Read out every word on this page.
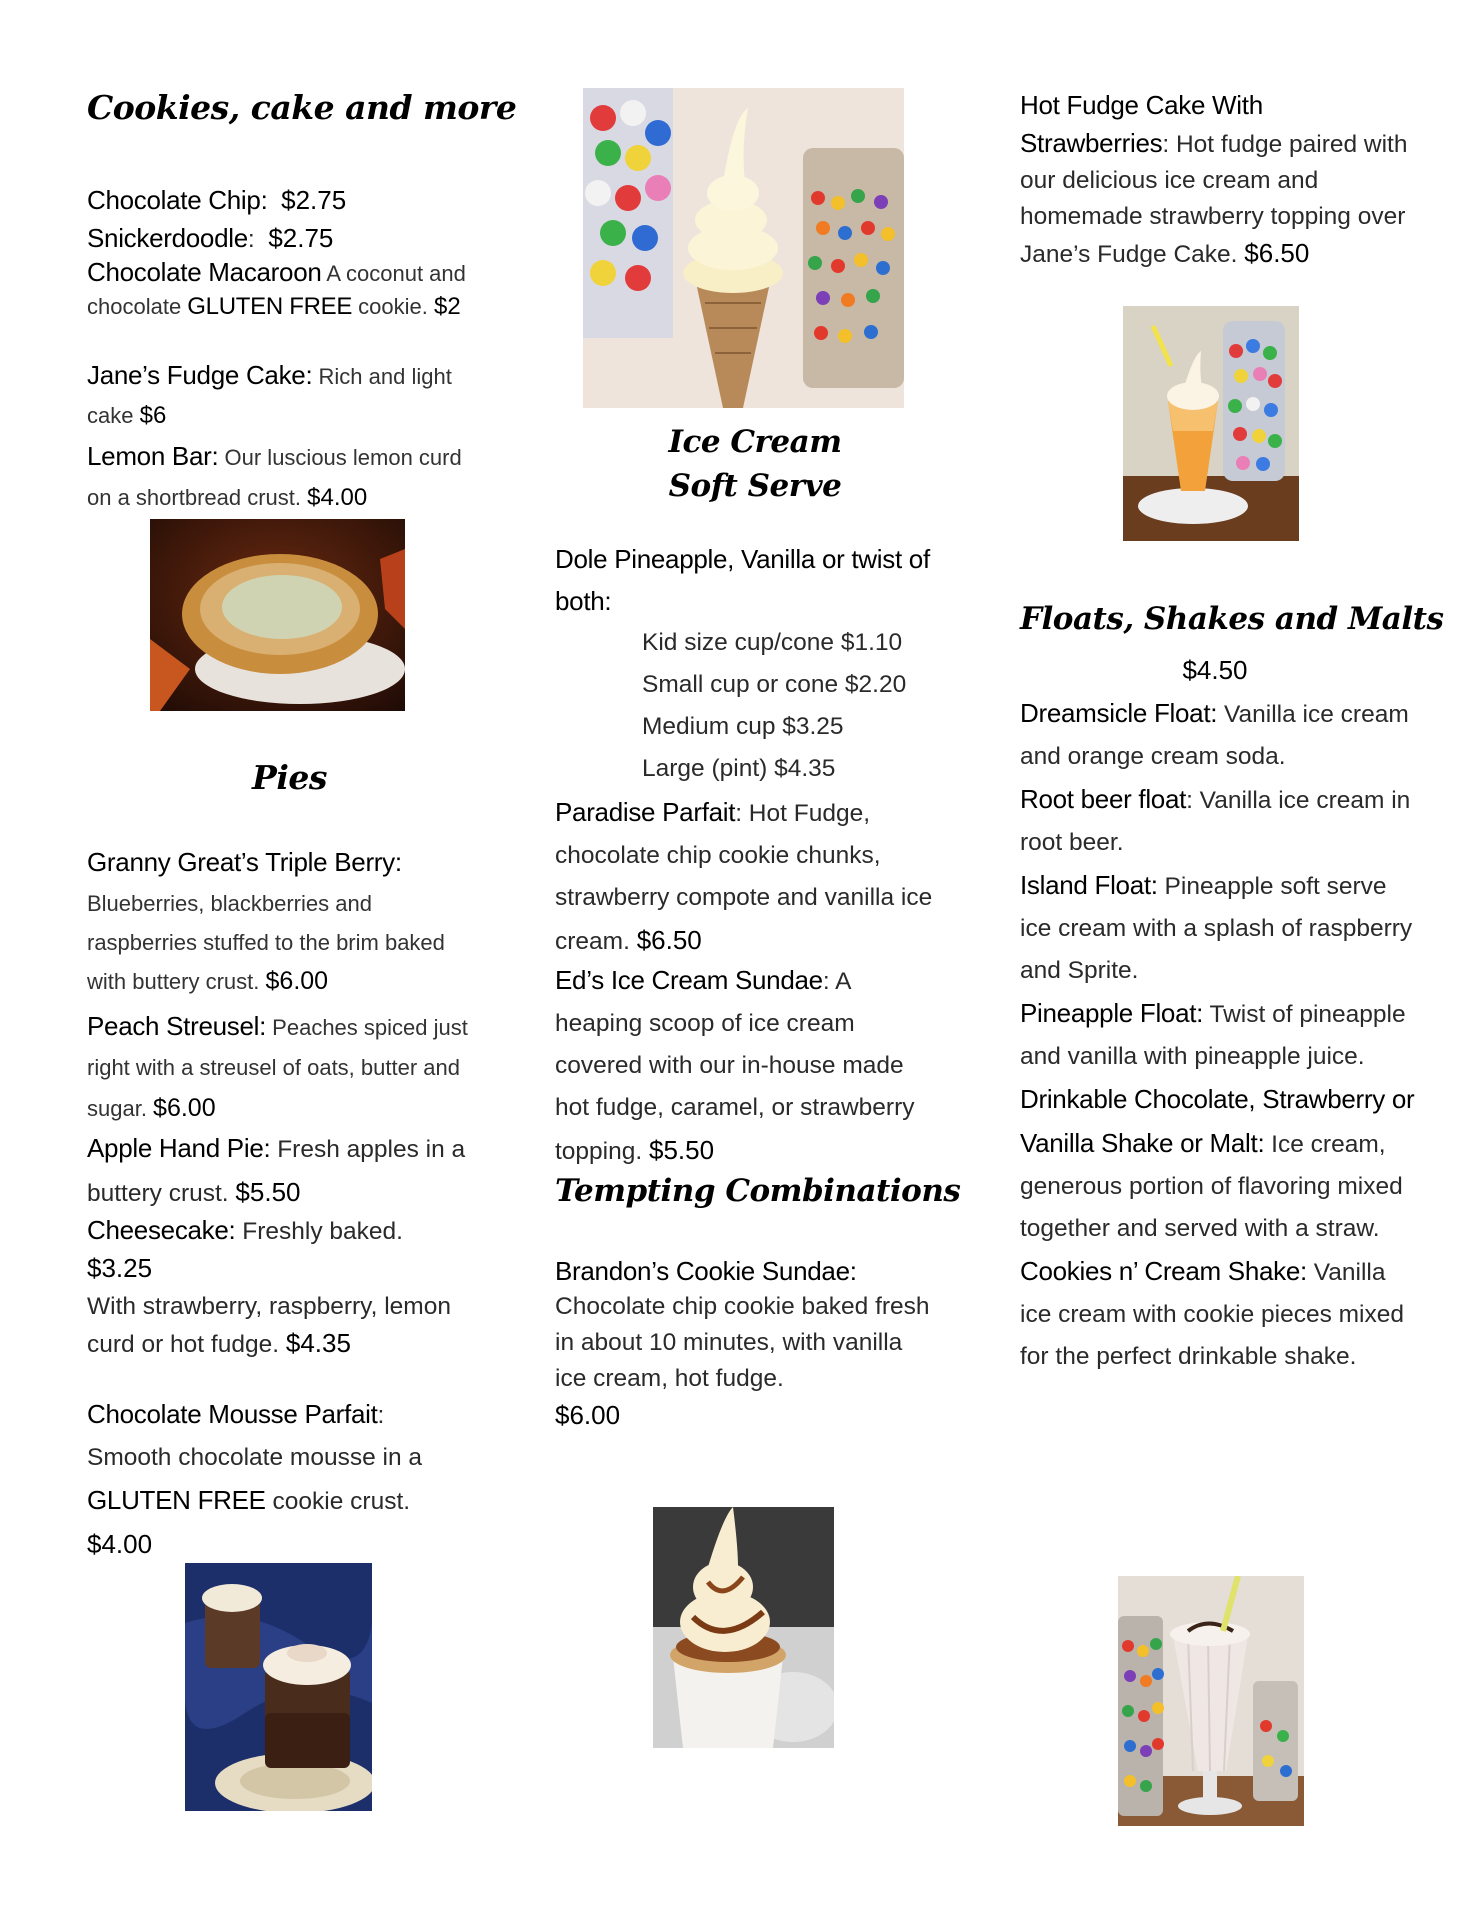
Cookies, cake and more
Chocolate Chip: $2.75
Snickerdoodle: $2.75
Chocolate Macaroon A coconut and chocolate GLUTEN FREE cookie. $2
Jane’s Fudge Cake: Rich and light cake $6
Lemon Bar: Our luscious lemon curd on a shortbread crust. $4.00
Pies
Granny Great’s Triple Berry:
Blueberries, blackberries and raspberries stuffed to the brim baked with buttery crust. $6.00
Peach Streusel: Peaches spiced just right with a streusel of oats, butter and sugar. $6.00
Apple Hand Pie: Fresh apples in a buttery crust. $5.50
Cheesecake: Freshly baked.
$3.25
With strawberry, raspberry, lemon curd or hot fudge. $4.35
Chocolate Mousse Parfait:
Smooth chocolate mousse in a GLUTEN FREE cookie crust.
$4.00
Ice Cream
Soft Serve
Dole Pineapple, Vanilla or twist of both:
Kid size cup/cone $1.10
Small cup or cone $2.20
Medium cup $3.25
Large (pint) $4.35
Paradise Parfait: Hot Fudge, chocolate chip cookie chunks, strawberry compote and vanilla ice cream. $6.50
Ed’s Ice Cream Sundae: A heaping scoop of ice cream covered with our in-house made hot fudge, caramel, or strawberry topping. $5.50
Tempting Combinations
Brandon’s Cookie Sundae:
Chocolate chip cookie baked fresh in about 10 minutes, with vanilla ice cream, hot fudge.
$6.00
Hot Fudge Cake With Strawberries: Hot fudge paired with our delicious ice cream and homemade strawberry topping over Jane’s Fudge Cake. $6.50
Floats, Shakes and Malts
$4.50
Dreamsicle Float: Vanilla ice cream and orange cream soda.
Root beer float: Vanilla ice cream in root beer.
Island Float: Pineapple soft serve ice cream with a splash of raspberry and Sprite.
Pineapple Float: Twist of pineapple and vanilla with pineapple juice.
Drinkable Chocolate, Strawberry or Vanilla Shake or Malt: Ice cream, generous portion of flavoring mixed together and served with a straw.
Cookies n’ Cream Shake: Vanilla ice cream with cookie pieces mixed for the perfect drinkable shake.
